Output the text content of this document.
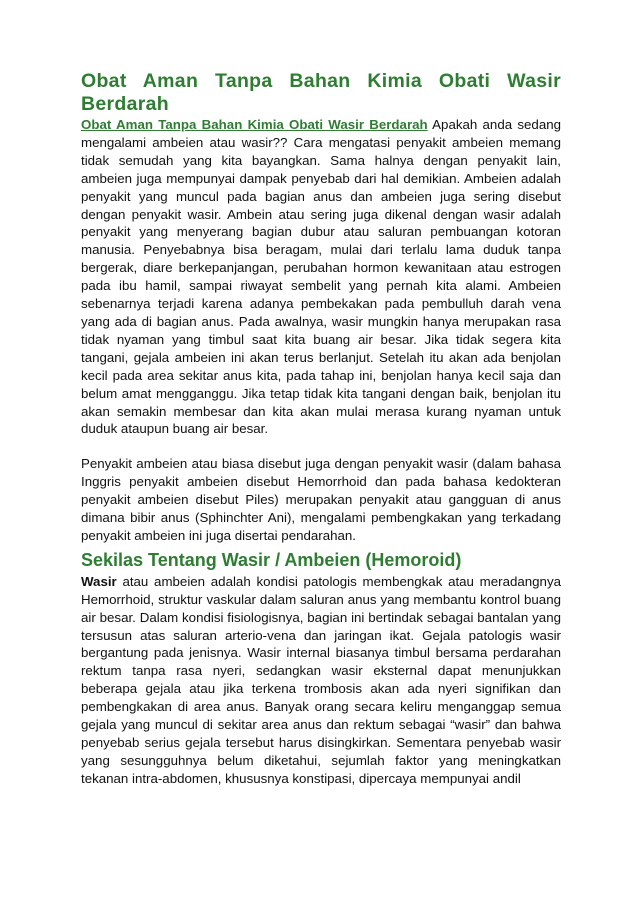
Obat Aman Tanpa Bahan Kimia Obati Wasir Berdarah

Obat Aman Tanpa Bahan Kimia Obati Wasir Berdarah Apakah anda sedang mengalami ambeien atau wasir?? Cara mengatasi penyakit ambeien memang tidak semudah yang kita bayangkan. Sama halnya dengan penyakit lain, ambeien juga mempunyai dampak penyebab dari hal demikian. Ambeien adalah penyakit yang muncul pada bagian anus dan ambeien juga sering disebut dengan penyakit wasir. Ambein atau sering juga dikenal dengan wasir adalah penyakit yang menyerang bagian dubur atau saluran pembuangan kotoran manusia. Penyebabnya bisa beragam, mulai dari terlalu lama duduk tanpa bergerak, diare berkepanjangan, perubahan hormon kewanitaan atau estrogen pada ibu hamil, sampai riwayat sembelit yang pernah kita alami. Ambeien sebenarnya terjadi karena adanya pembekakan pada pembulluh darah vena yang ada di bagian anus. Pada awalnya, wasir mungkin hanya merupakan rasa tidak nyaman yang timbul saat kita buang air besar. Jika tidak segera kita tangani, gejala ambeien ini akan terus berlanjut. Setelah itu akan ada benjolan kecil pada area sekitar anus kita, pada tahap ini, benjolan hanya kecil saja dan belum amat mengganggu. Jika tetap tidak kita tangani dengan baik, benjolan itu akan semakin membesar dan kita akan mulai merasa kurang nyaman untuk duduk ataupun buang air besar.

Penyakit ambeien atau biasa disebut juga dengan penyakit wasir (dalam bahasa Inggris penyakit ambeien disebut Hemorrhoid dan pada bahasa kedokteran penyakit ambeien disebut Piles) merupakan penyakit atau gangguan di anus dimana bibir anus (Sphinchter Ani), mengalami pembengkakan yang terkadang penyakit ambeien ini juga disertai pendarahan.

Sekilas Tentang Wasir / Ambeien (Hemoroid)

Wasir atau ambeien adalah kondisi patologis membengkak atau meradangnya Hemorrhoid, struktur vaskular dalam saluran anus yang membantu kontrol buang air besar. Dalam kondisi fisiologisnya, bagian ini bertindak sebagai bantalan yang tersusun atas saluran arterio-vena dan jaringan ikat. Gejala patologis wasir bergantung pada jenisnya. Wasir internal biasanya timbul bersama perdarahan rektum tanpa rasa nyeri, sedangkan wasir eksternal dapat menunjukkan beberapa gejala atau jika terkena trombosis akan ada nyeri signifikan dan pembengkakan di area anus. Banyak orang secara keliru menganggap semua gejala yang muncul di sekitar area anus dan rektum sebagai “wasir” dan bahwa penyebab serius gejala tersebut harus disingkirkan. Sementara penyebab wasir yang sesungguhnya belum diketahui, sejumlah faktor yang meningkatkan tekanan intra-abdomen, khususnya konstipasi, dipercaya mempunyai andil
